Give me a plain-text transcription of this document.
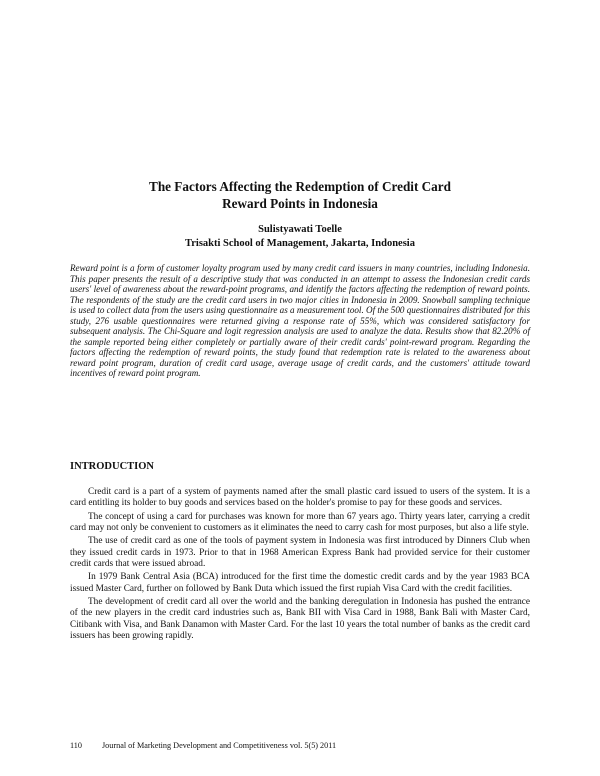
The Factors Affecting the Redemption of Credit Card
Reward Points in Indonesia
Sulistyawati Toelle
Trisakti School of Management, Jakarta, Indonesia
Reward point is a form of customer loyalty program used by many credit card issuers in many countries, including Indonesia. This paper presents the result of a descriptive study that was conducted in an attempt to assess the Indonesian credit cards users' level of awareness about the reward-point programs, and identify the factors affecting the redemption of reward points. The respondents of the study are the credit card users in two major cities in Indonesia in 2009. Snowball sampling technique is used to collect data from the users using questionnaire as a measurement tool. Of the 500 questionnaires distributed for this study, 276 usable questionnaires were returned giving a response rate of 55%, which was considered satisfactory for subsequent analysis. The Chi-Square and logit regression analysis are used to analyze the data. Results show that 82.20% of the sample reported being either completely or partially aware of their credit cards' point-reward program. Regarding the factors affecting the redemption of reward points, the study found that redemption rate is related to the awareness about reward point program, duration of credit card usage, average usage of credit cards, and the customers' attitude toward incentives of reward point program.
INTRODUCTION

Credit card is a part of a system of payments named after the small plastic card issued to users of the system. It is a card entitling its holder to buy goods and services based on the holder's promise to pay for these goods and services.

The concept of using a card for purchases was known for more than 67 years ago. Thirty years later, carrying a credit card may not only be convenient to customers as it eliminates the need to carry cash for most purposes, but also a life style.

The use of credit card as one of the tools of payment system in Indonesia was first introduced by Dinners Club when they issued credit cards in 1973. Prior to that in 1968 American Express Bank had provided service for their customer credit cards that were issued abroad.

In 1979 Bank Central Asia (BCA) introduced for the first time the domestic credit cards and by the year 1983 BCA issued Master Card, further on followed by Bank Duta which issued the first rupiah Visa Card with the credit facilities.

The development of credit card all over the world and the banking deregulation in Indonesia has pushed the entrance of the new players in the credit card industries such as, Bank BII with Visa Card in 1988, Bank Bali with Master Card, Citibank with Visa, and Bank Danamon with Master Card. For the last 10 years the total number of banks as the credit card issuers has been growing rapidly.

110 Journal of Marketing Development and Competitiveness vol. 5(5) 2011
